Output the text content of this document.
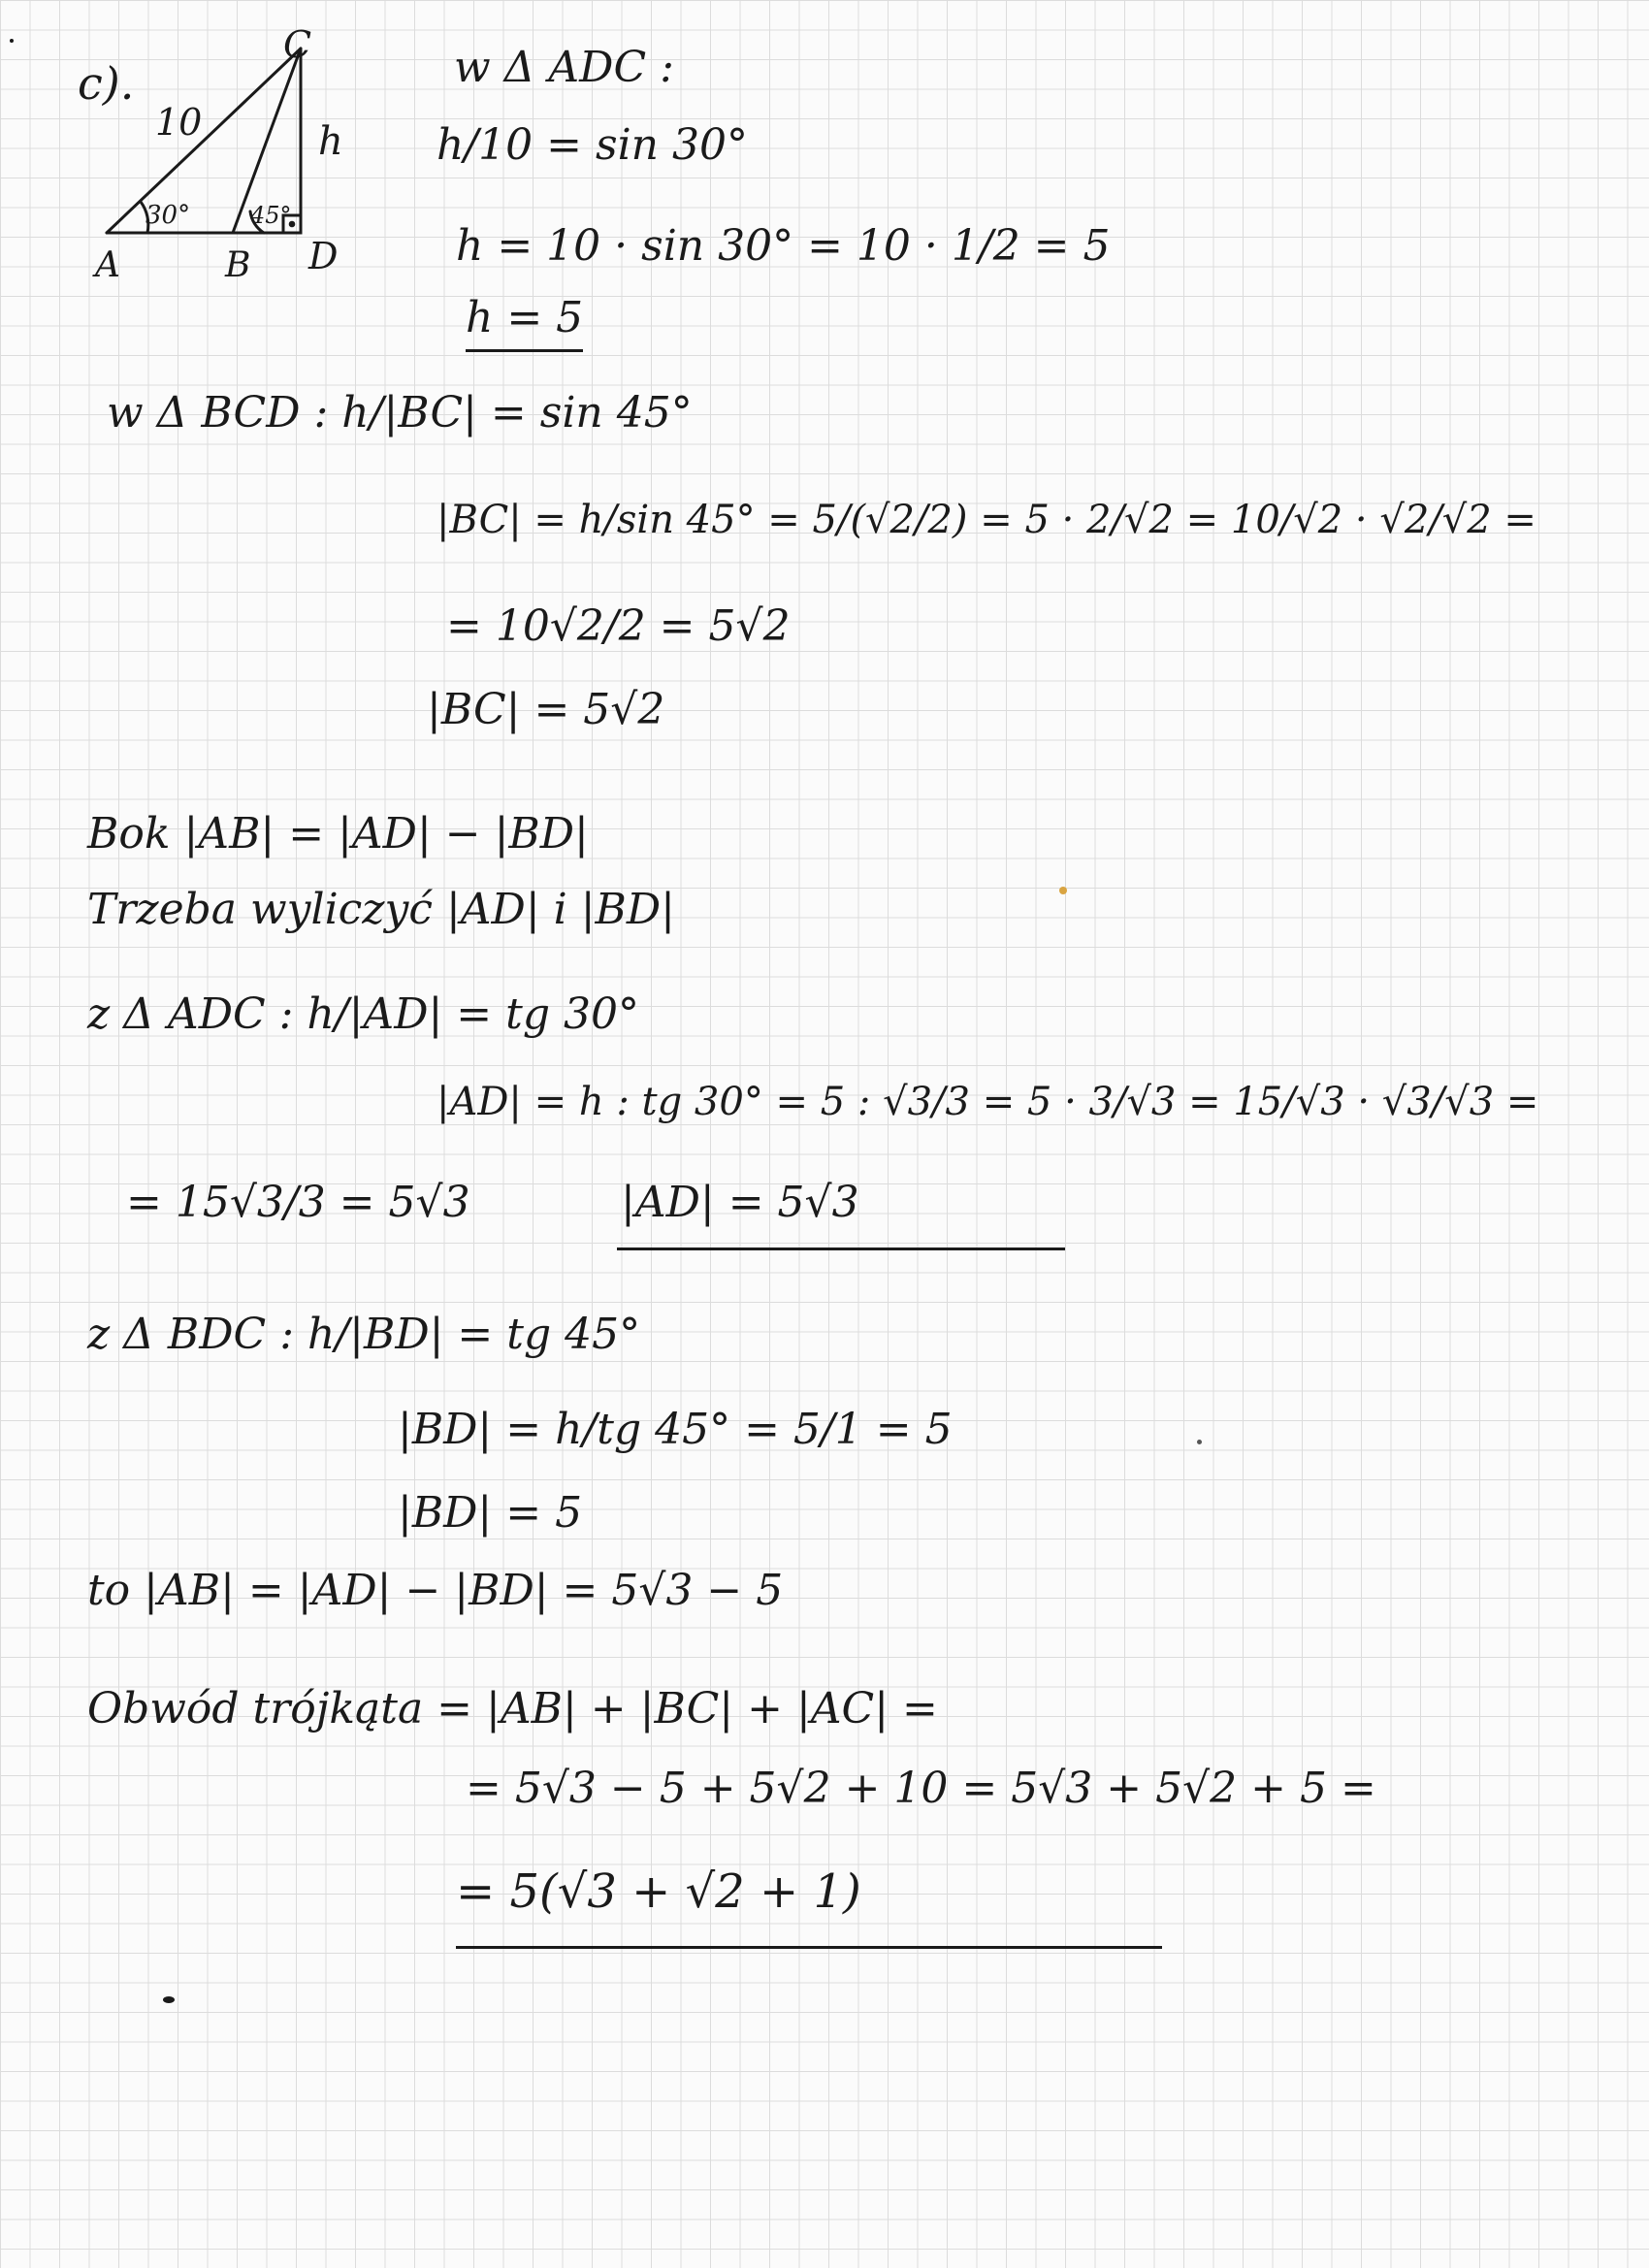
c).
C
A	B D
10	h
30°	45°
w Δ ADC :
h/10 = sin 30°
h = 10 · sin 30° = 10 · 1/2 = 5
h = 5
w Δ BCD : h/|BC| = sin 45°
|BC| = h/sin 45° = 5/(√2/2) = 5 · 2/√2 = 10/√2 · √2/√2 =
= 10√2/2 = 5√2
|BC| = 5√2
Bok |AB| = |AD| − |BD|
Trzeba wyliczyć |AD| i |BD|
z Δ ADC : h/|AD| = tg 30°
|AD| = h : tg 30° = 5 : √3/3 = 5 · 3/√3 = 15/√3 · √3/√3 =
= 15√3/3 = 5√3	|AD| = 5√3
z Δ BDC : h/|BD| = tg 45°
|BD| = h/tg 45° = 5/1 = 5
|BD| = 5
to |AB| = |AD| − |BD| = 5√3 − 5
Obwód trójkąta = |AB| + |BC| + |AC| =
= 5√3 − 5 + 5√2 + 10 = 5√3 + 5√2 + 5 =
= 5(√3 + √2 + 1)
